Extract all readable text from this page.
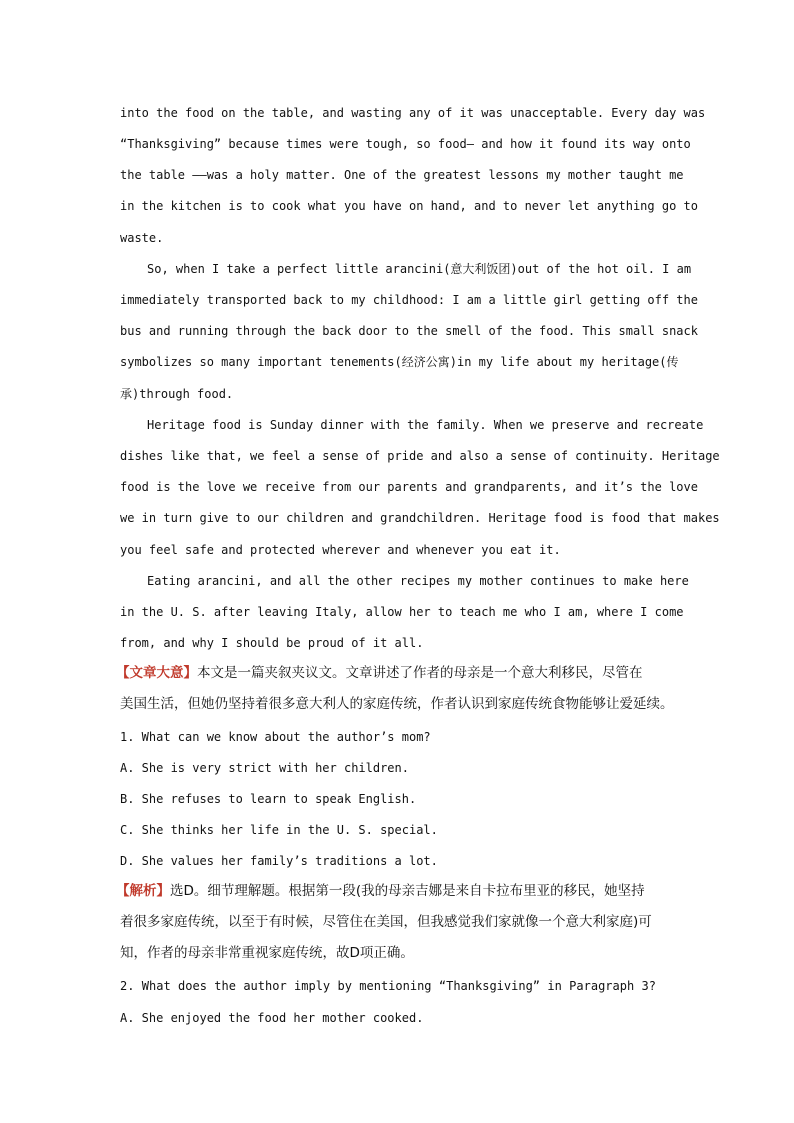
into the food on the table, and wasting any of it was unacceptable. Every day was
“Thanksgiving” because times were tough, so food— and how it found its way onto
the table ——was a holy matter. One of the greatest lessons my mother taught me
in the kitchen is to cook what you have on hand, and to never let anything go to
waste.
So, when I take a perfect little arancini(意大利饭团)out of the hot oil. I am
immediately transported back to my childhood: I am a little girl getting off the
bus and running through the back door to the smell of the food. This small snack
symbolizes so many important tenements(经济公寓)in my life about my heritage(传
承)through food.
Heritage food is Sunday dinner with the family. When we preserve and recreate
dishes like that, we feel a sense of pride and also a sense of continuity. Heritage
food is the love we receive from our parents and grandparents, and it’s the love
we in turn give to our children and grandchildren. Heritage food is food that makes
you feel safe and protected wherever and whenever you eat it.
Eating arancini, and all the other recipes my mother continues to make here
in the U. S. after leaving Italy, allow her to teach me who I am, where I come
from, and why I should be proud of it all.
【文章大意】本文是一篇夹叙夹议文。文章讲述了作者的母亲是一个意大利移民，尽管在
美国生活，但她仍坚持着很多意大利人的家庭传统，作者认识到家庭传统食物能够让爱延续。
1. What can we know about the author’s mom?
A. She is very strict with her children.
B. She refuses to learn to speak English.
C. She thinks her life in the U. S. special.
D. She values her family’s traditions a lot.
【解析】选D。细节理解题。根据第一段(我的母亲吉娜是来自卡拉布里亚的移民，她坚持
着很多家庭传统，以至于有时候，尽管住在美国，但我感觉我们家就像一个意大利家庭)可
知，作者的母亲非常重视家庭传统，故D项正确。
2. What does the author imply by mentioning “Thanksgiving” in Paragraph 3?
A. She enjoyed the food her mother cooked.
